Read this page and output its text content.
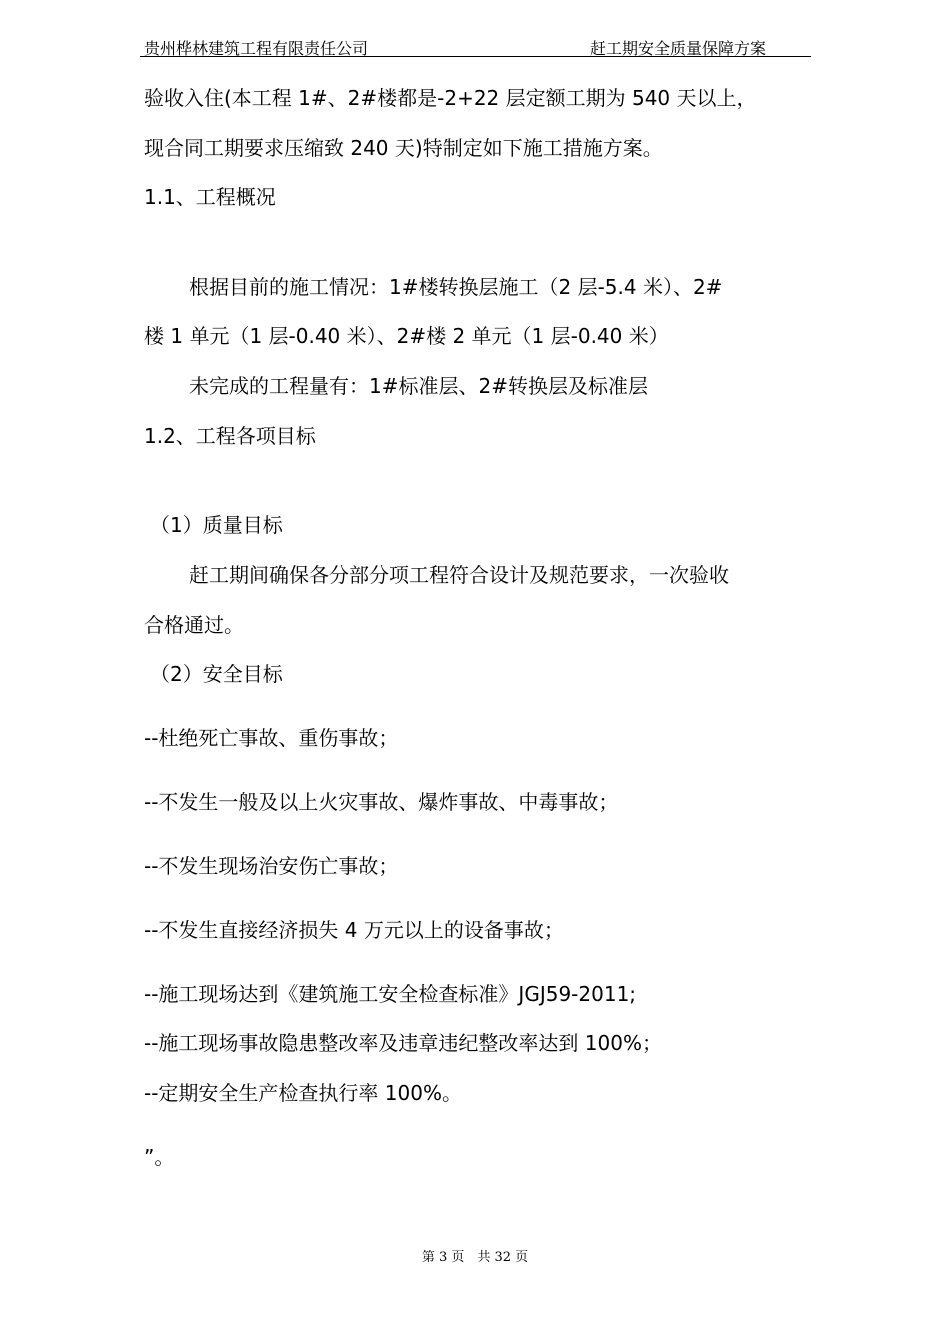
贵州桦林建筑工程有限责任公司	赶工期安全质量保障方案
验收入住(本工程 1#、2#楼都是-2+22 层定额工期为 540 天以上，
现合同工期要求压缩致 240 天)特制定如下施工措施方案。
1.1、工程概况
根据目前的施工情况：1#楼转换层施工（2 层-5.4 米）、2#
楼 1 单元（1 层-0.40 米）、2#楼 2 单元（1 层-0.40 米）
未完成的工程量有：1#标准层、2#转换层及标准层
1.2、工程各项目标
（1）质量目标
赶工期间确保各分部分项工程符合设计及规范要求，一次验收
合格通过。
（2）安全目标
--杜绝死亡事故、重伤事故；
--不发生一般及以上火灾事故、爆炸事故、中毒事故；
--不发生现场治安伤亡事故；
--不发生直接经济损失 4 万元以上的设备事故；
--施工现场达到《建筑施工安全检查标准》JGJ59-2011;
--施工现场事故隐患整改率及违章违纪整改率达到 100%；
--定期安全生产检查执行率 100%。
”。
第 3 页　共 32 页
